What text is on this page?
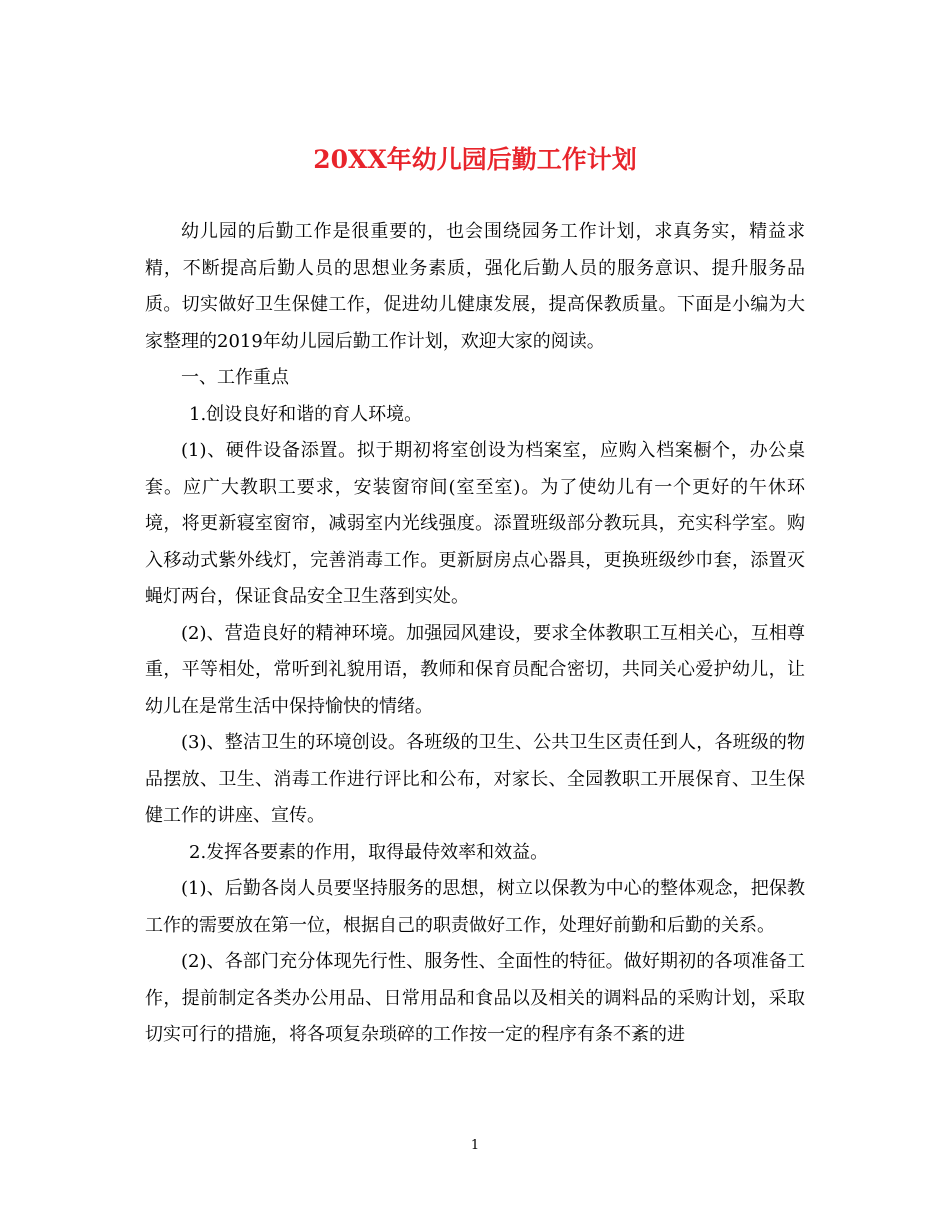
20XX年幼儿园后勤工作计划

幼儿园的后勤工作是很重要的，也会围绕园务工作计划，求真务实，精益求精，不断提高后勤人员的思想业务素质，强化后勤人员的服务意识、提升服务品质。切实做好卫生保健工作，促进幼儿健康发展，提高保教质量。下面是小编为大家整理的2019年幼儿园后勤工作计划，欢迎大家的阅读。

一、工作重点

1.创设良好和谐的育人环境。

(1)、硬件设备添置。拟于期初将室创设为档案室，应购入档案橱个，办公桌套。应广大教职工要求，安装窗帘间(室至室)。为了使幼儿有一个更好的午休环境，将更新寝室窗帘，减弱室内光线强度。添置班级部分教玩具，充实科学室。购入移动式紫外线灯，完善消毒工作。更新厨房点心器具，更换班级纱巾套，添置灭蝇灯两台，保证食品安全卫生落到实处。

(2)、营造良好的精神环境。加强园风建设，要求全体教职工互相关心，互相尊重，平等相处，常听到礼貌用语，教师和保育员配合密切，共同关心爱护幼儿，让幼儿在是常生活中保持愉快的情绪。

(3)、整洁卫生的环境创设。各班级的卫生、公共卫生区责任到人，各班级的物品摆放、卫生、消毒工作进行评比和公布，对家长、全园教职工开展保育、卫生保健工作的讲座、宣传。

2.发挥各要素的作用，取得最侍效率和效益。

(1)、后勤各岗人员要坚持服务的思想，树立以保教为中心的整体观念，把保教工作的需要放在第一位，根据自己的职责做好工作，处理好前勤和后勤的关系。

(2)、各部门充分体现先行性、服务性、全面性的特征。做好期初的各项准备工作，提前制定各类办公用品、日常用品和食品以及相关的调料品的采购计划，采取切实可行的措施，将各项复杂琐碎的工作按一定的程序有条不紊的进

1
